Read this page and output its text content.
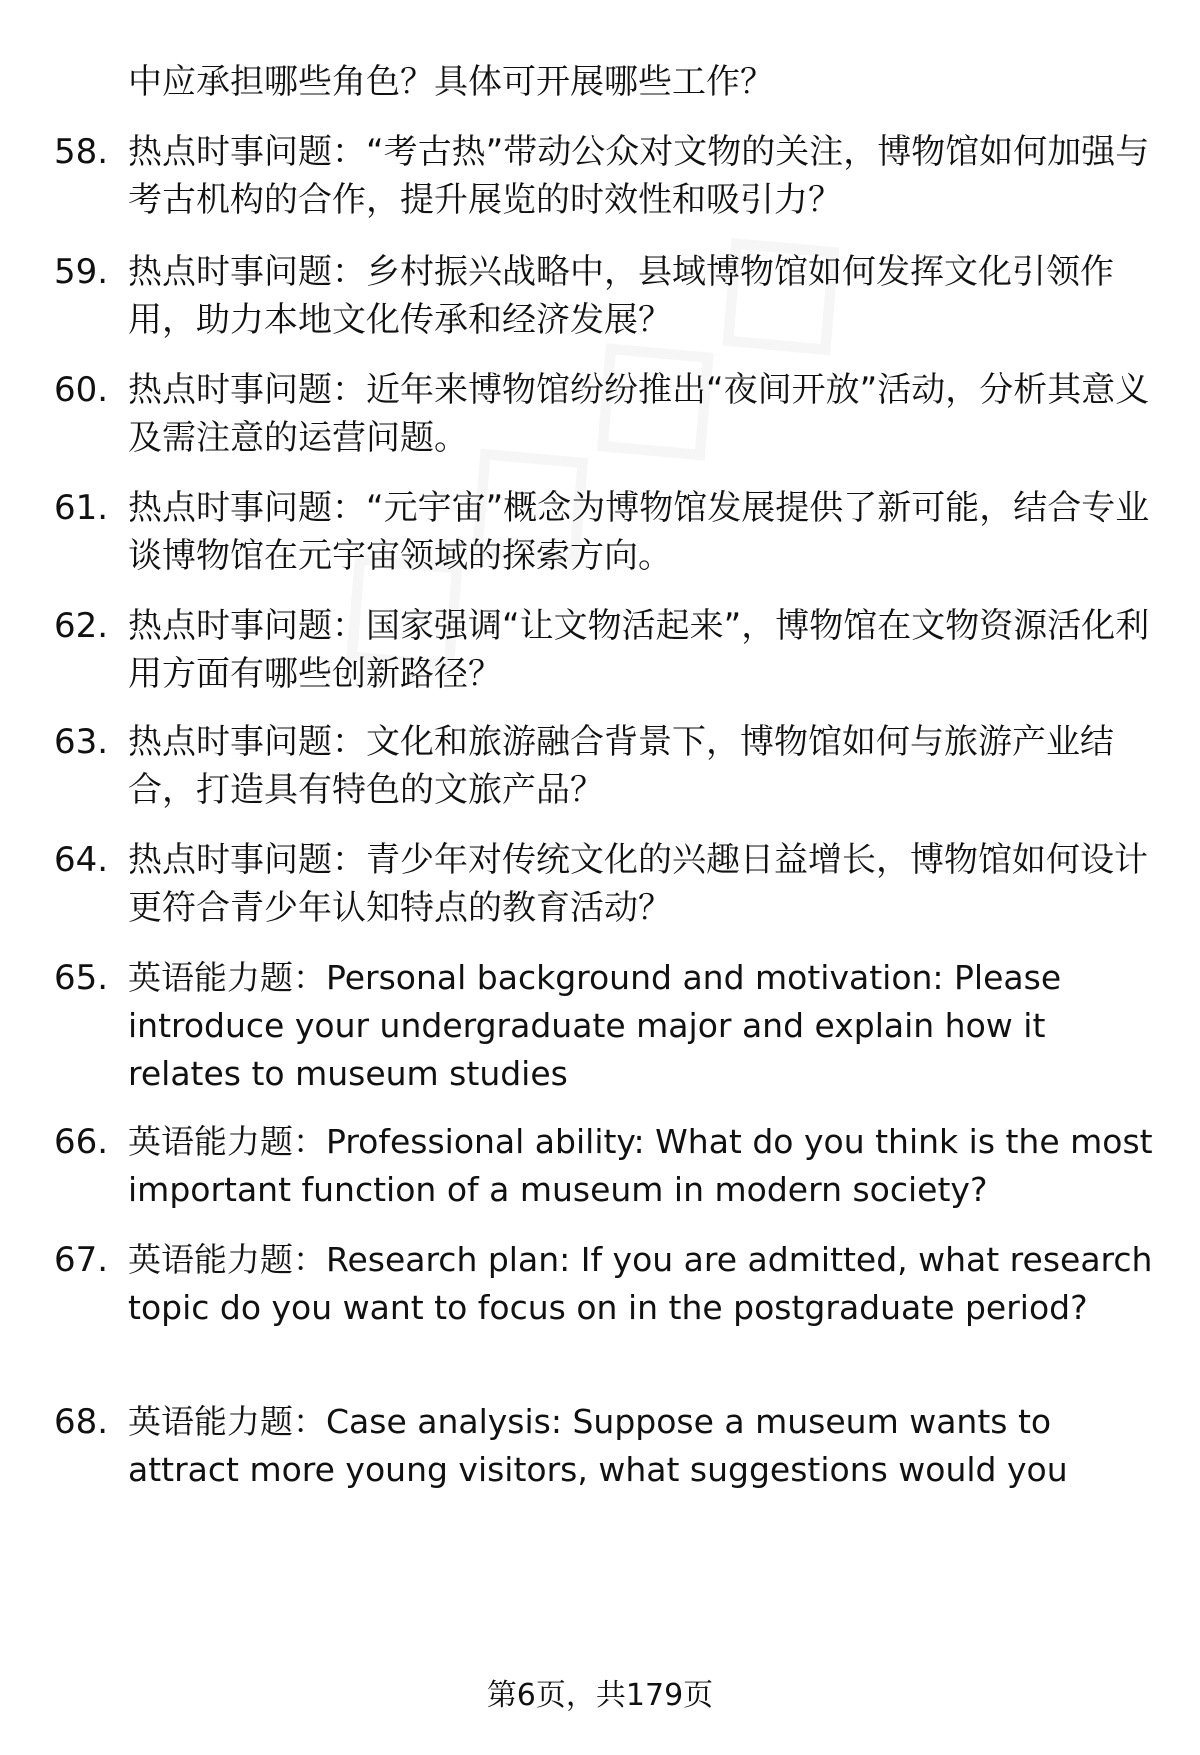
中应承担哪些角色？具体可开展哪些工作？
58. 热点时事问题：“考古热”带动公众对文物的关注，博物馆如何加强与考古机构的合作，提升展览的时效性和吸引力？
59. 热点时事问题：乡村振兴战略中，县域博物馆如何发挥文化引领作用，助力本地文化传承和经济发展？
60. 热点时事问题：近年来博物馆纷纷推出“夜间开放”活动，分析其意义及需注意的运营问题。
61. 热点时事问题：“元宇宙”概念为博物馆发展提供了新可能，结合专业谈博物馆在元宇宙领域的探索方向。
62. 热点时事问题：国家强调“让文物活起来”，博物馆在文物资源活化利用方面有哪些创新路径？
63. 热点时事问题：文化和旅游融合背景下，博物馆如何与旅游产业结合，打造具有特色的文旅产品？
64. 热点时事问题：青少年对传统文化的兴趣日益增长，博物馆如何设计更符合青少年认知特点的教育活动？
65. 英语能力题：Personal background and motivation: Please introduce your undergraduate major and explain how it relates to museum studies
66. 英语能力题：Professional ability: What do you think is the most important function of a museum in modern society?
67. 英语能力题：Research plan: If you are admitted, what research topic do you want to focus on in the postgraduate period?
68. 英语能力题：Case analysis: Suppose a museum wants to attract more young visitors, what suggestions would you
第6页，共179页
